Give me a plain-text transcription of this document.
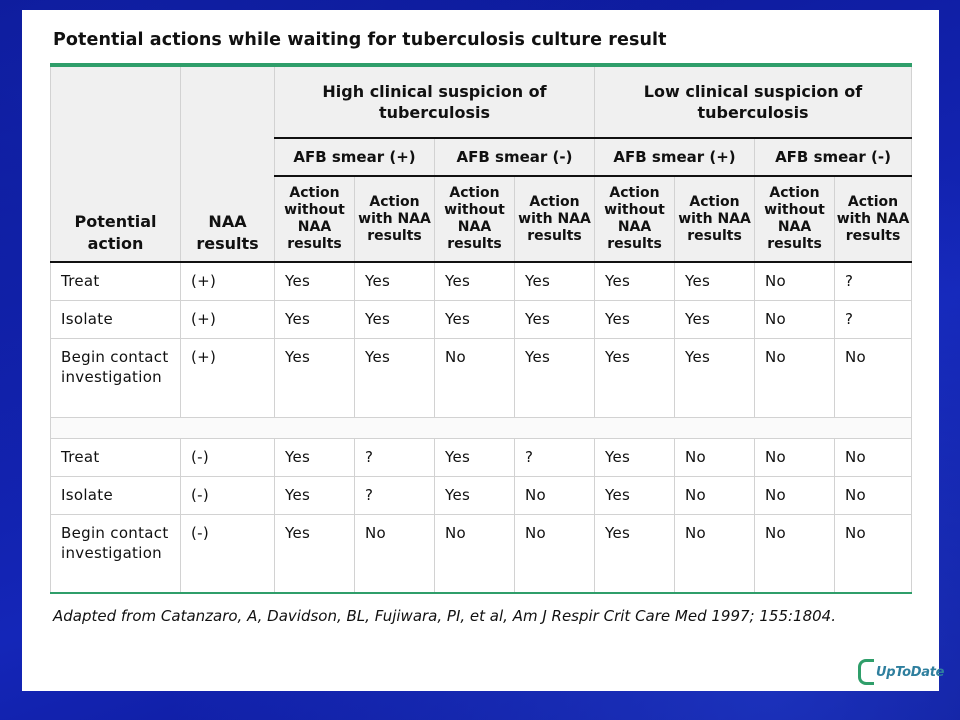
Potential actions while waiting for tuberculosis culture result
Potential action	NAA results	High clinical suspicion of tuberculosis				Low clinical suspicion of tuberculosis			
		AFB smear (+)		AFB smear (-)		AFB smear (+)		AFB smear (-)	
		Action without NAA results	Action with NAA results	Action without NAA results	Action with NAA results	Action without NAA results	Action with NAA results	Action without NAA results	Action with NAA results
Treat	(+)	Yes	Yes	Yes	Yes	Yes	Yes	No	?
Isolate	(+)	Yes	Yes	Yes	Yes	Yes	Yes	No	?
Begin contact investigation	(+)	Yes	Yes	No	Yes	Yes	Yes	No	No

Treat	(-)	Yes	?	Yes	?	Yes	No	No	No
Isolate	(-)	Yes	?	Yes	No	Yes	No	No	No
Begin contact investigation	(-)	Yes	No	No	No	Yes	No	No	No
Adapted from Catanzaro, A, Davidson, BL, Fujiwara, PI, et al, Am J Respir Crit Care Med 1997; 155:1804.
UpToDate
